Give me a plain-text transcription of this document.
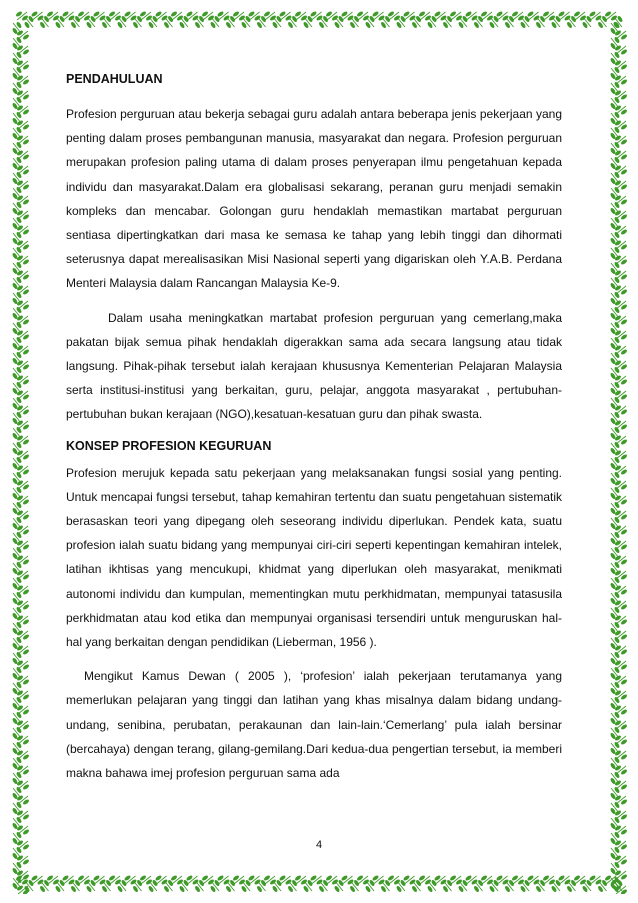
PENDAHULUAN

Profesion perguruan atau bekerja sebagai guru adalah antara beberapa jenis pekerjaan yang penting dalam proses pembangunan manusia, masyarakat dan negara. Profesion perguruan merupakan profesion paling utama di dalam proses penyerapan ilmu pengetahuan kepada individu dan masyarakat.Dalam era globalisasi sekarang, peranan guru menjadi semakin kompleks dan mencabar. Golongan guru hendaklah memastikan martabat perguruan sentiasa dipertingkatkan dari masa ke semasa ke tahap yang lebih tinggi dan dihormati seterusnya dapat merealisasikan Misi Nasional seperti yang digariskan oleh Y.A.B. Perdana Menteri Malaysia dalam Rancangan Malaysia Ke-9.

Dalam usaha meningkatkan martabat profesion perguruan yang cemerlang,maka pakatan bijak semua pihak hendaklah digerakkan sama ada secara langsung atau tidak langsung. Pihak-pihak tersebut ialah kerajaan khususnya Kementerian Pelajaran Malaysia serta institusi-institusi yang berkaitan, guru, pelajar, anggota masyarakat , pertubuhan-pertubuhan bukan kerajaan (NGO),kesatuan-kesatuan guru dan pihak swasta.

KONSEP PROFESION KEGURUAN

Profesion merujuk kepada satu pekerjaan yang melaksanakan fungsi sosial yang penting. Untuk mencapai fungsi tersebut, tahap kemahiran tertentu dan suatu pengetahuan sistematik berasaskan teori yang dipegang oleh seseorang individu diperlukan. Pendek kata, suatu profesion ialah suatu bidang yang mempunyai ciri-ciri seperti kepentingan kemahiran intelek, latihan ikhtisas yang mencukupi, khidmat yang diperlukan oleh masyarakat, menikmati autonomi individu dan kumpulan, mementingkan mutu perkhidmatan, mempunyai tatasusila perkhidmatan atau kod etika dan mempunyai organisasi tersendiri untuk menguruskan hal-hal yang berkaitan dengan pendidikan (Lieberman, 1956 ).

Mengikut Kamus Dewan ( 2005 ), ‘profesion’ ialah pekerjaan terutamanya yang memerlukan pelajaran yang tinggi dan latihan yang khas misalnya dalam bidang undang-undang, senibina, perubatan, perakaunan dan lain-lain.‘Cemerlang’ pula ialah bersinar (bercahaya) dengan terang, gilang-gemilang.Dari kedua-dua pengertian tersebut, ia memberi makna bahawa imej profesion perguruan sama ada

4
